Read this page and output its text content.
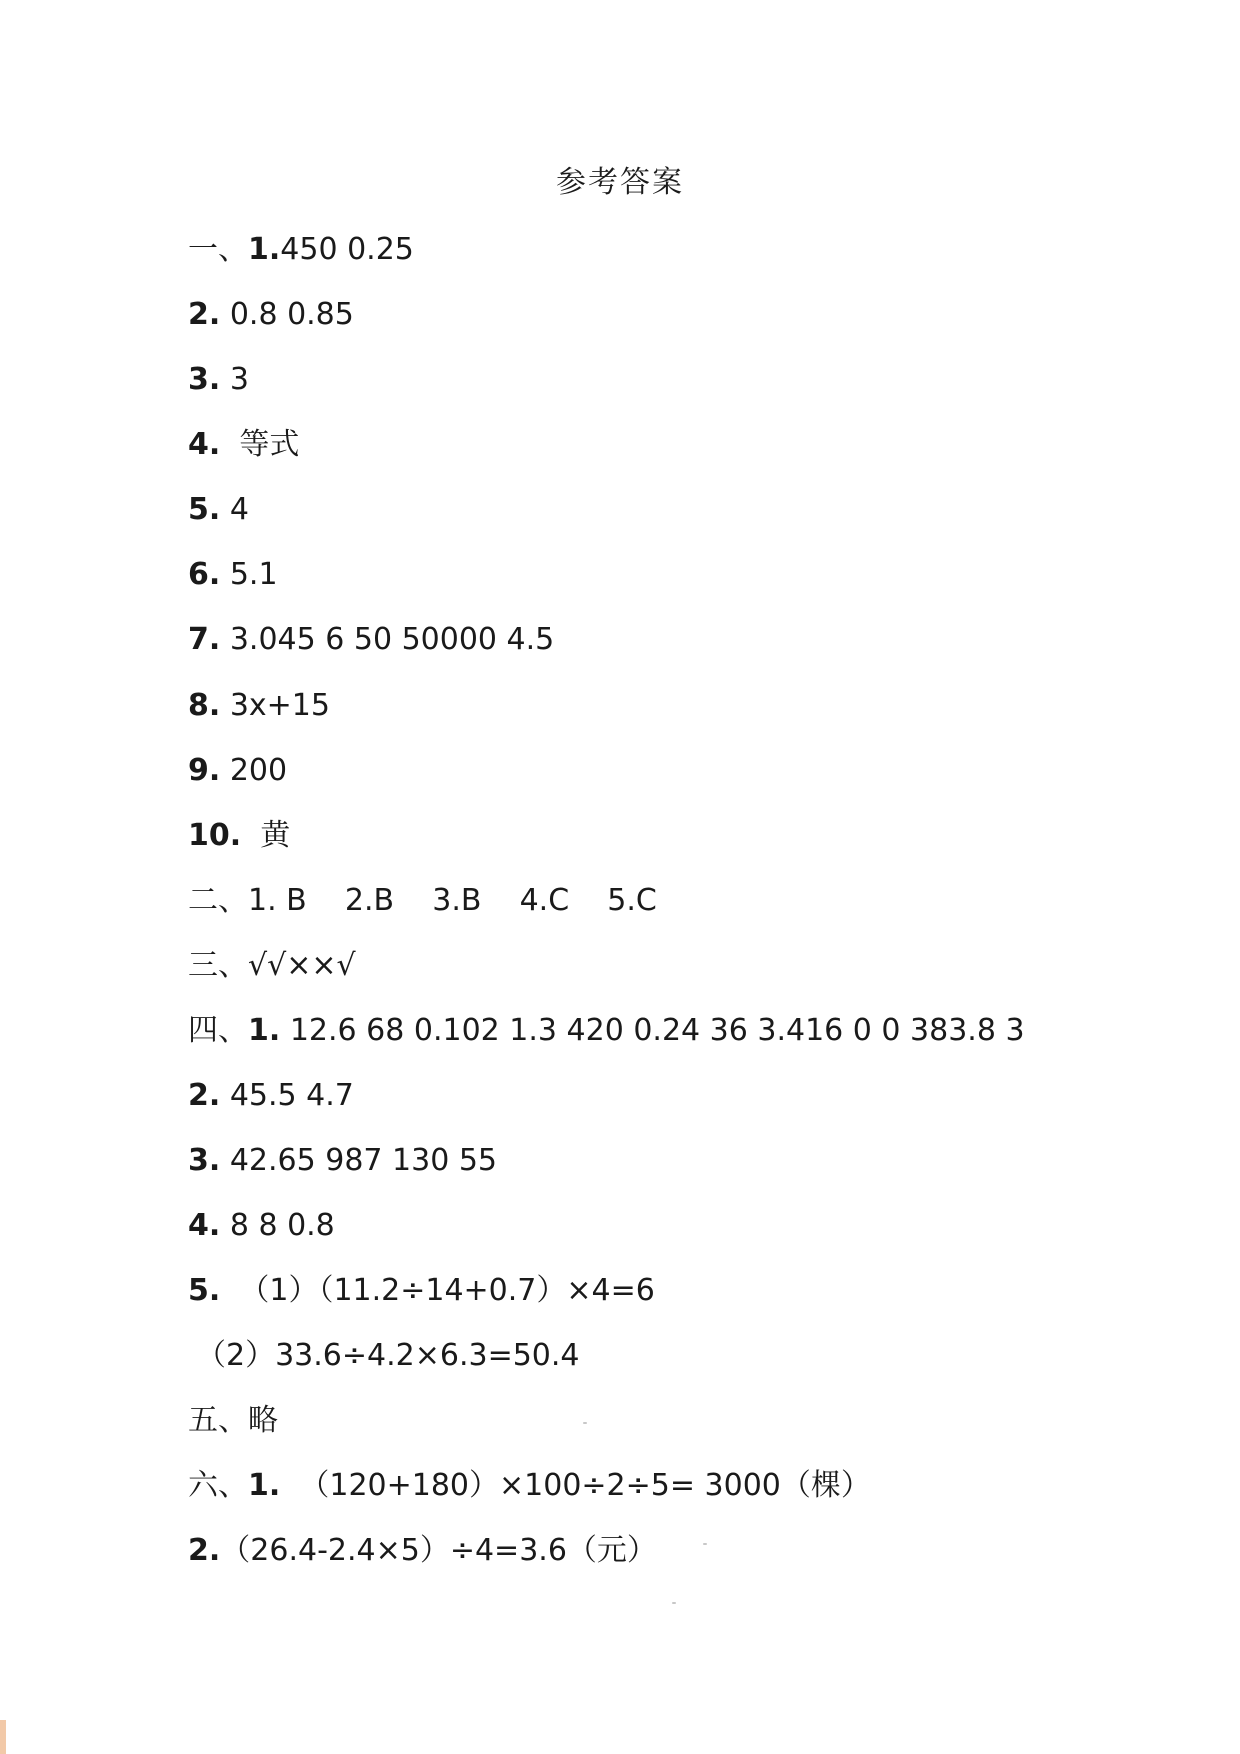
参考答案
一、1.450 0.25
2. 0.8 0.85
3. 3
4.  等式
5. 4
6. 5.1
7. 3.045 6 50 50000 4.5
8. 3x+15
9. 200
10.  黄
二、1. B    2.B    3.B    4.C    5.C
三、√√××√
四、1. 12.6 68 0.102 1.3 420 0.24 36 3.416 0 0 383.8 3
2. 45.5 4.7
3. 42.65 987 130 55
4. 8 8 0.8
5.  （1）（11.2÷14+0.7）×4=6
（2）33.6÷4.2×6.3=50.4
五、略
六、1.  （120+180）×100÷2÷5= 3000（棵）
2.（26.4-2.4×5）÷4=3.6（元）
